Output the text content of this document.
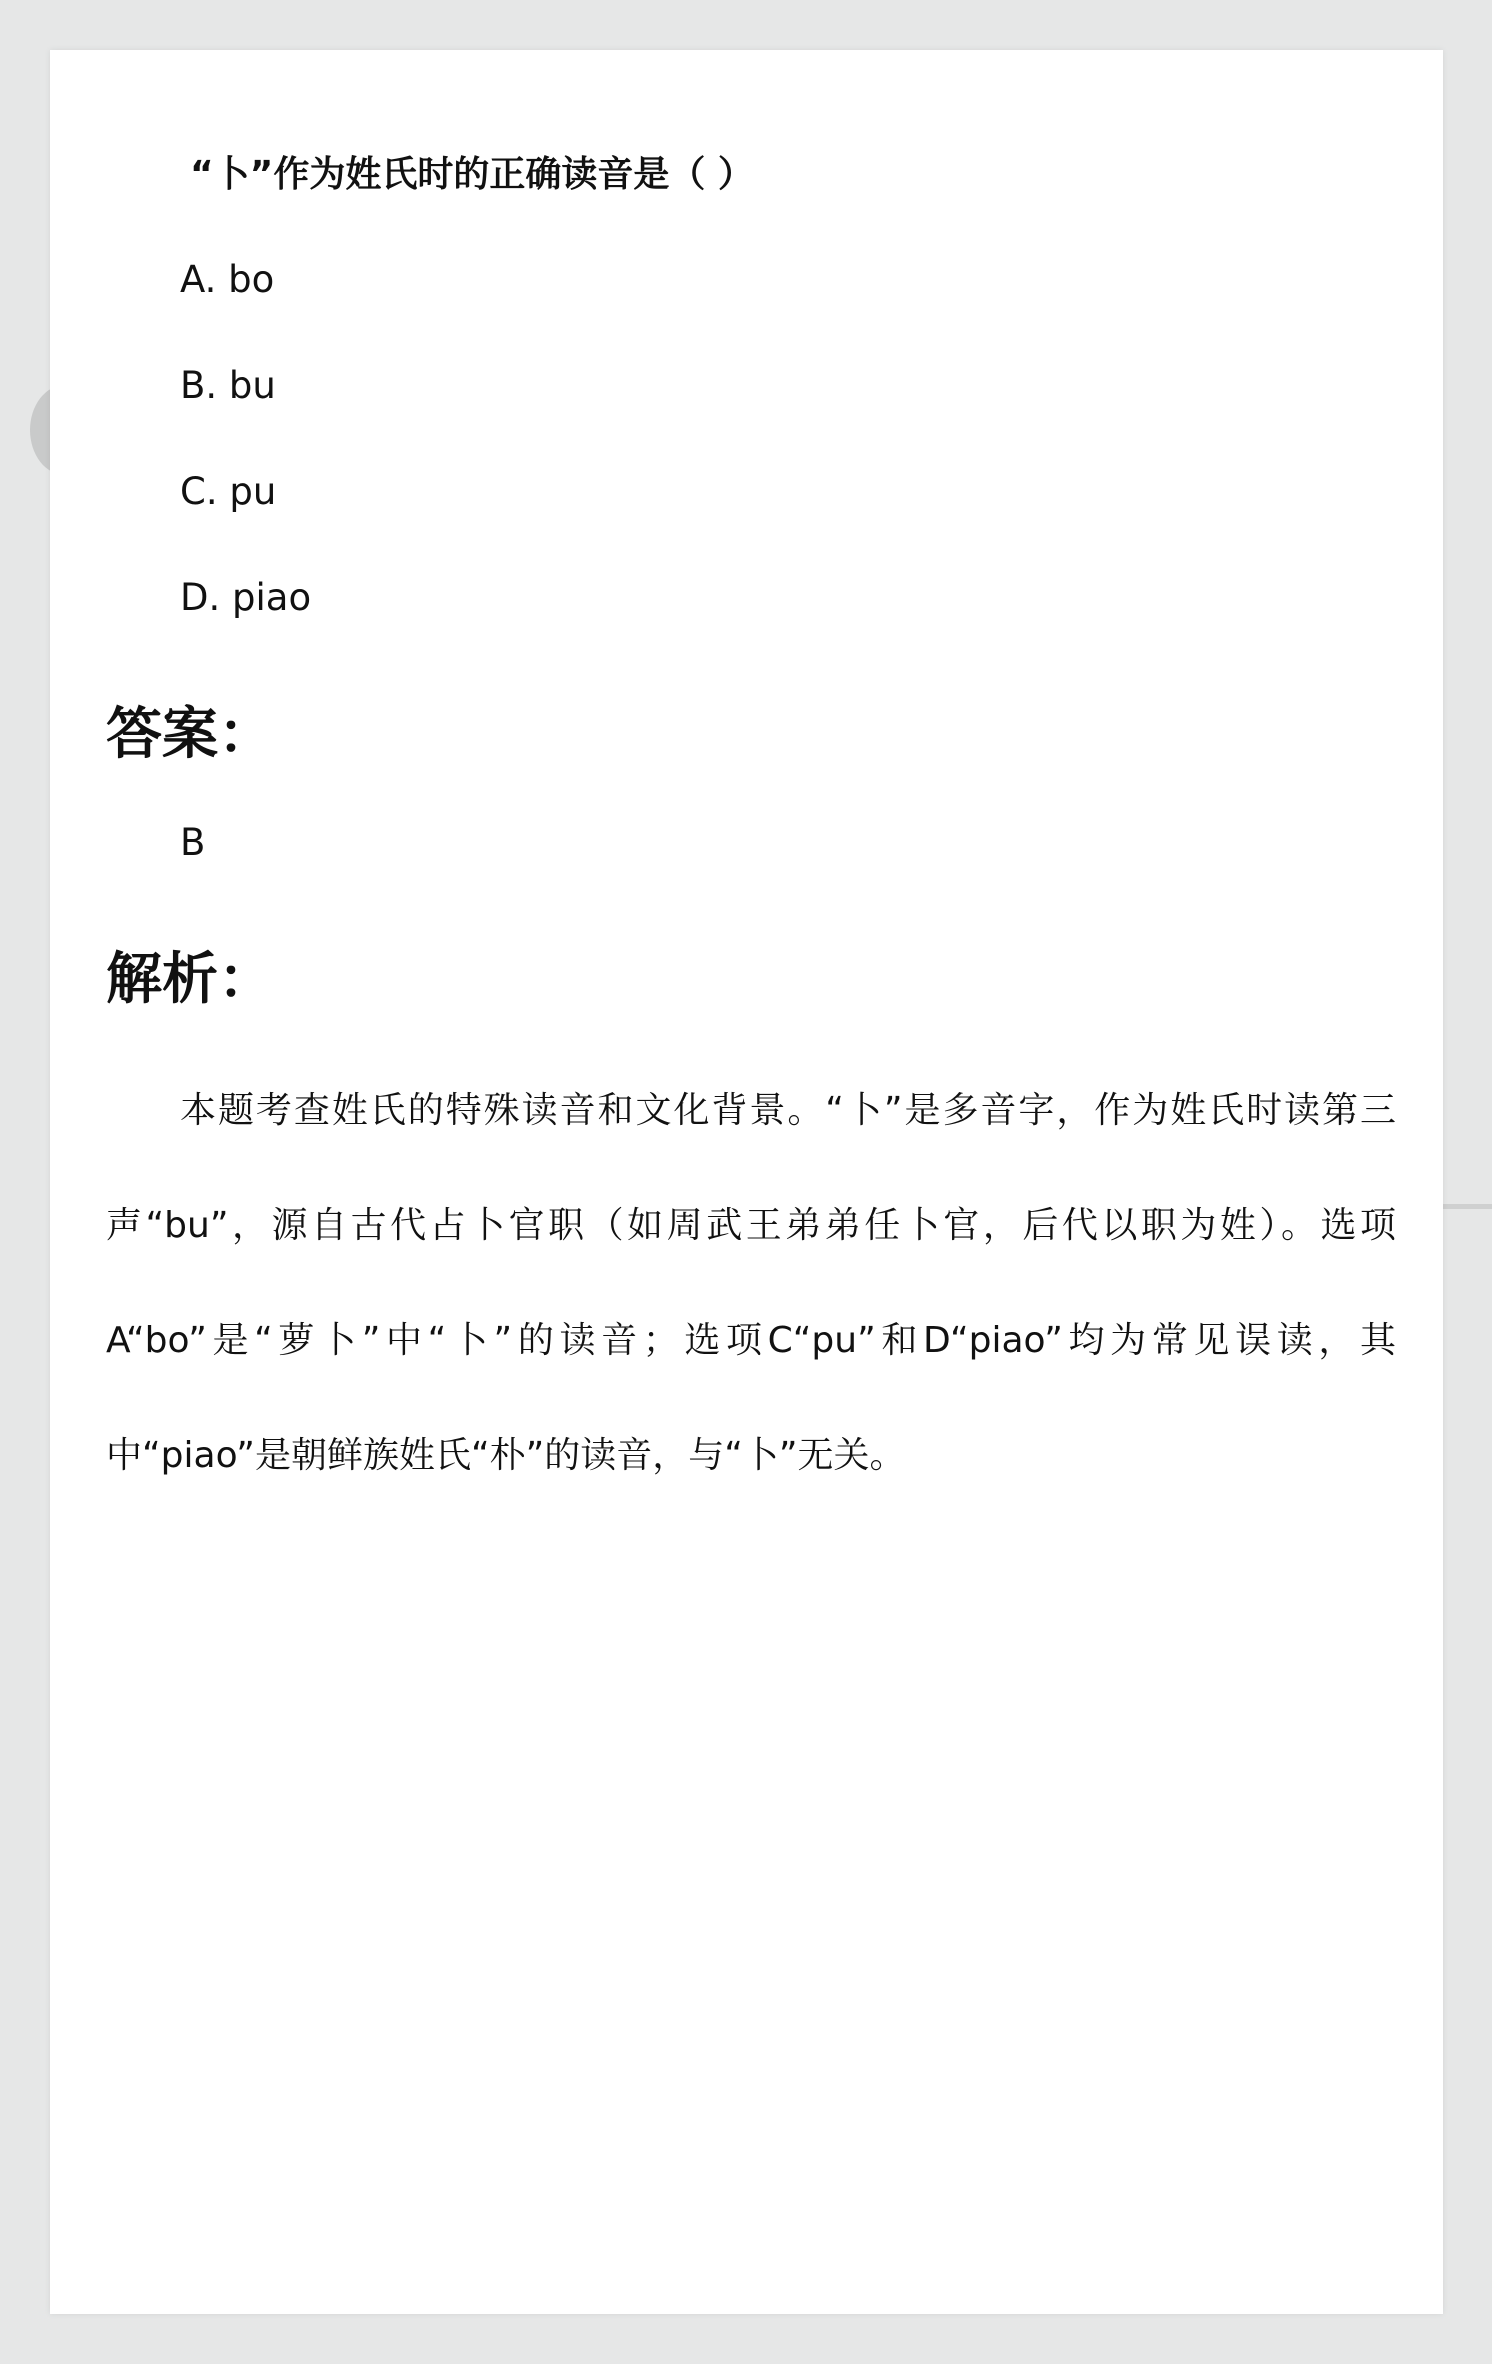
“卜”作为姓氏时的正确读音是（ ）
A. bo
B. bu
C. pu
D. piao
答案：
B
解析：

本题考查姓氏的特殊读音和文化背景。“卜”是多音字，作为姓氏时读第三声“bu”，源自古代占卜官职（如周武王弟弟任卜官，后代以职为姓）。选项A“bo”是“萝卜”中“卜”的读音；选项C“pu”和D“piao”均为常见误读，其中“piao”是朝鲜族姓氏“朴”的读音，与“卜”无关。
